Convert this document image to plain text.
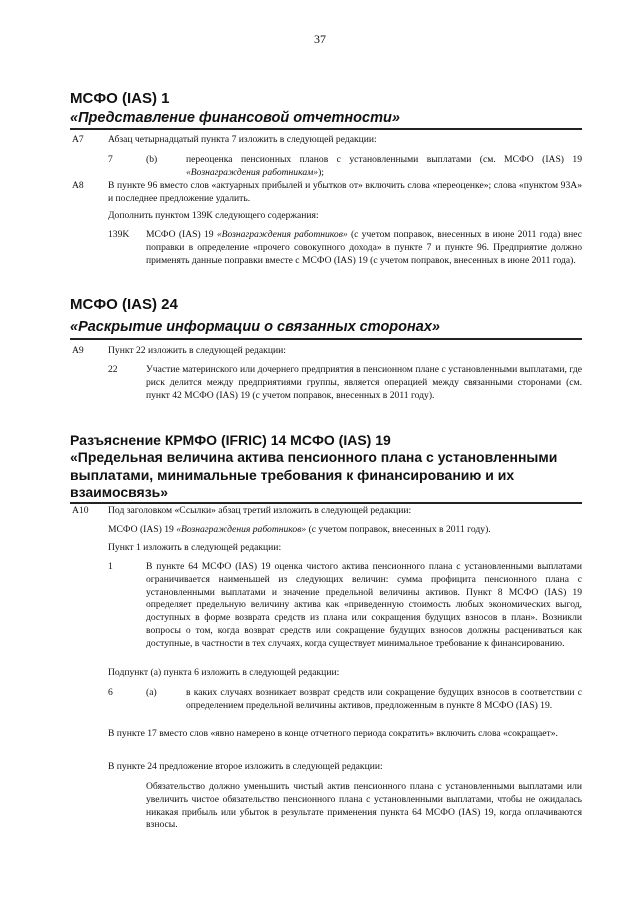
37
МСФО (IAS) 1
«Представление финансовой отчетности»
A7	Абзац четырнадцатый пункта 7 изложить в следующей редакции:
7	(b)	переоценка пенсионных планов с установленными выплатами (см. МСФО (IAS) 19
«Вознаграждения работникам»);
A8	В пункте 96 вместо слов «актуарных прибылей и убытков от» включить слова «переоценке»; слова «пунктом 93А» и последнее предложение удалить.
Дополнить пунктом 139К следующего содержания:
139K МСФО (IAS) 19 «Вознаграждения работников» (с учетом поправок, внесенных в июне 2011 года) внес поправки в определение «прочего совокупного дохода» в пункте 7 и пункте 96. Предприятие должно применять данные поправки вместе с МСФО (IAS) 19 (с учетом поправок, внесенных в июне 2011 года).
МСФО (IAS) 24
«Раскрытие информации о связанных сторонах»
A9	Пункт 22 изложить в следующей редакции:
22	Участие материнского или дочернего предприятия в пенсионном плане с установленными выплатами, где риск делится между предприятиями группы, является операцией между связанными сторонами (см. пункт 42 МСФО (IAS) 19 (с учетом поправок, внесенных в 2011 году).
Разъяснение КРМФО (IFRIC) 14 МСФО (IAS) 19
«Предельная величина актива пенсионного плана с установленными
выплатами, минимальные требования к финансированию и их
взаимосвязь»
A10 Под заголовком «Ссылки» абзац третий изложить в следующей редакции:
МСФО (IAS) 19 «Вознаграждения работников» (с учетом поправок, внесенных в 2011 году).
Пункт 1 изложить в следующей редакции:
1	В пункте 64 МСФО (IAS) 19 оценка чистого актива пенсионного плана с установленными выплатами ограничивается наименьшей из следующих величин: сумма профицита пенсионного плана с установленными выплатами и значение предельной величины активов. Пункт 8 МСФО (IAS) 19 определяет предельную величину актива как «приведенную стоимость любых экономических выгод, доступных в форме возврата средств из плана или сокращения будущих взносов в план». Возникли вопросы о том, когда возврат средств или сокращение будущих взносов должны расцениваться как доступные, в частности в тех случаях, когда существует минимальное требование к финансированию.
Подпункт (a) пункта 6 изложить в следующей редакции:
6	(a)	в каких случаях возникает возврат средств или сокращение будущих взносов в соответствии с определением предельной величины активов, предложенным в пункте 8 МСФО (IAS) 19.
В пункте 17 вместо слов «явно намерено в конце отчетного периода сократить» включить слова «сокращает».
В пункте 24 предложение второе изложить в следующей редакции:
Обязательство должно уменьшить чистый актив пенсионного плана с установленными выплатами или увеличить чистое обязательство пенсионного плана с установленными выплатами, чтобы не ожидалась никакая прибыль или убыток в результате применения пункта 64 МСФО (IAS) 19, когда оплачиваются взносы.
